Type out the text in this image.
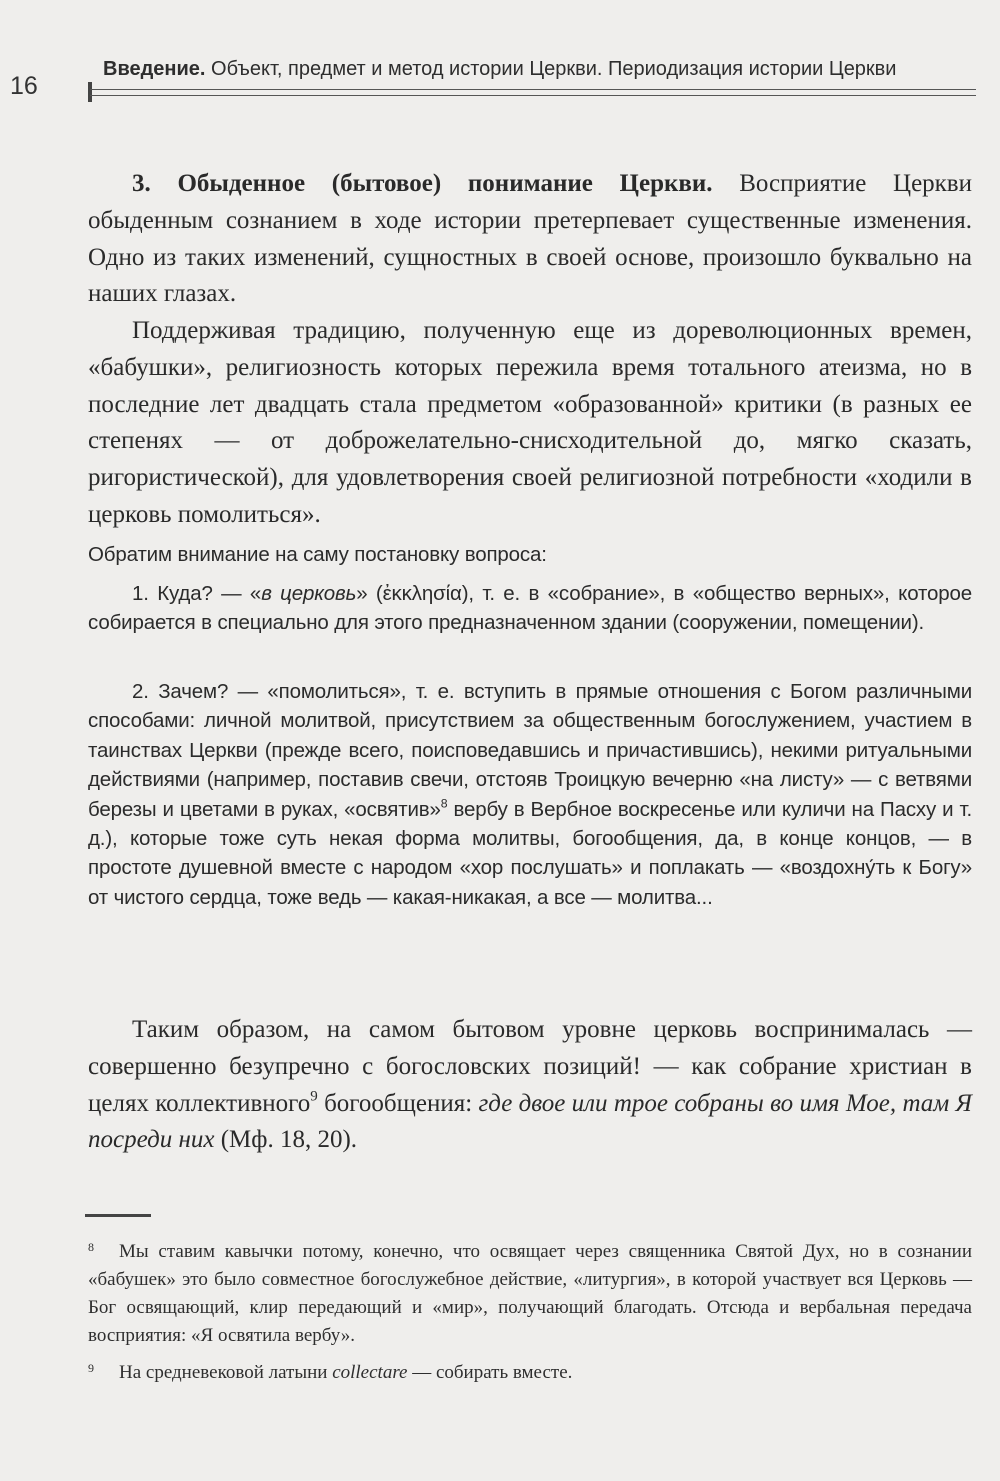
16
Введение. Объект, предмет и метод истории Церкви. Периодизация истории Церкви

3. Обыденное (бытовое) понимание Церкви. Восприятие Церкви обыденным сознанием в ходе истории претерпевает существенные изменения. Одно из таких изменений, сущностных в своей основе, произошло буквально на наших глазах.

Поддерживая традицию, полученную еще из дореволюционных времен, «бабушки», религиозность которых пережила время тотального атеизма, но в последние лет двадцать стала предметом «образованной» критики (в разных ее степенях — от доброжелательно-снисходительной до, мягко сказать, ригористической), для удовлетворения своей религиозной потребности «ходили в церковь помолиться».

Обратим внимание на саму постановку вопроса:

1. Куда? — «в церковь» (ἐκκλησία), т. е. в «собрание», в «общество верных», которое собирается в специально для этого предназначенном здании (сооружении, помещении).

2. Зачем? — «помолиться», т. е. вступить в прямые отношения с Богом различными способами: личной молитвой, присутствием за общественным богослужением, участием в таинствах Церкви (прежде всего, поисповедавшись и причастившись), некими ритуальными действиями (например, поставив свечи, отстояв Троицкую вечерню «на листу» — с ветвями березы и цветами в руках, «освятив»$^8$ вербу в Вербное воскресенье или куличи на Пасху и т. д.), которые тоже суть некая форма молитвы, богообщения, да, в конце концов, — в простоте душевной вместе с народом «хор послушать» и поплакать — «воздохну́ть к Богу» от чистого сердца, тоже ведь — какая-никакая, а все — молитва...

Таким образом, на самом бытовом уровне церковь воспринималась — совершенно безупречно с богословских позиций! — как собрание христиан в целях коллективного$^9$ богообщения: где двое или трое собраны во имя Мое, там Я посреди них (Мф. 18, 20).

8 Мы ставим кавычки потому, конечно, что освящает через священника Святой Дух, но в сознании «бабушек» это было совместное богослужебное действие, «литургия», в которой участвует вся Церковь — Бог освящающий, клир передающий и «мир», получающий благодать. Отсюда и вербальная передача восприятия: «Я освятила вербу».

9 На средневековой латыни collectare — собирать вместе.
